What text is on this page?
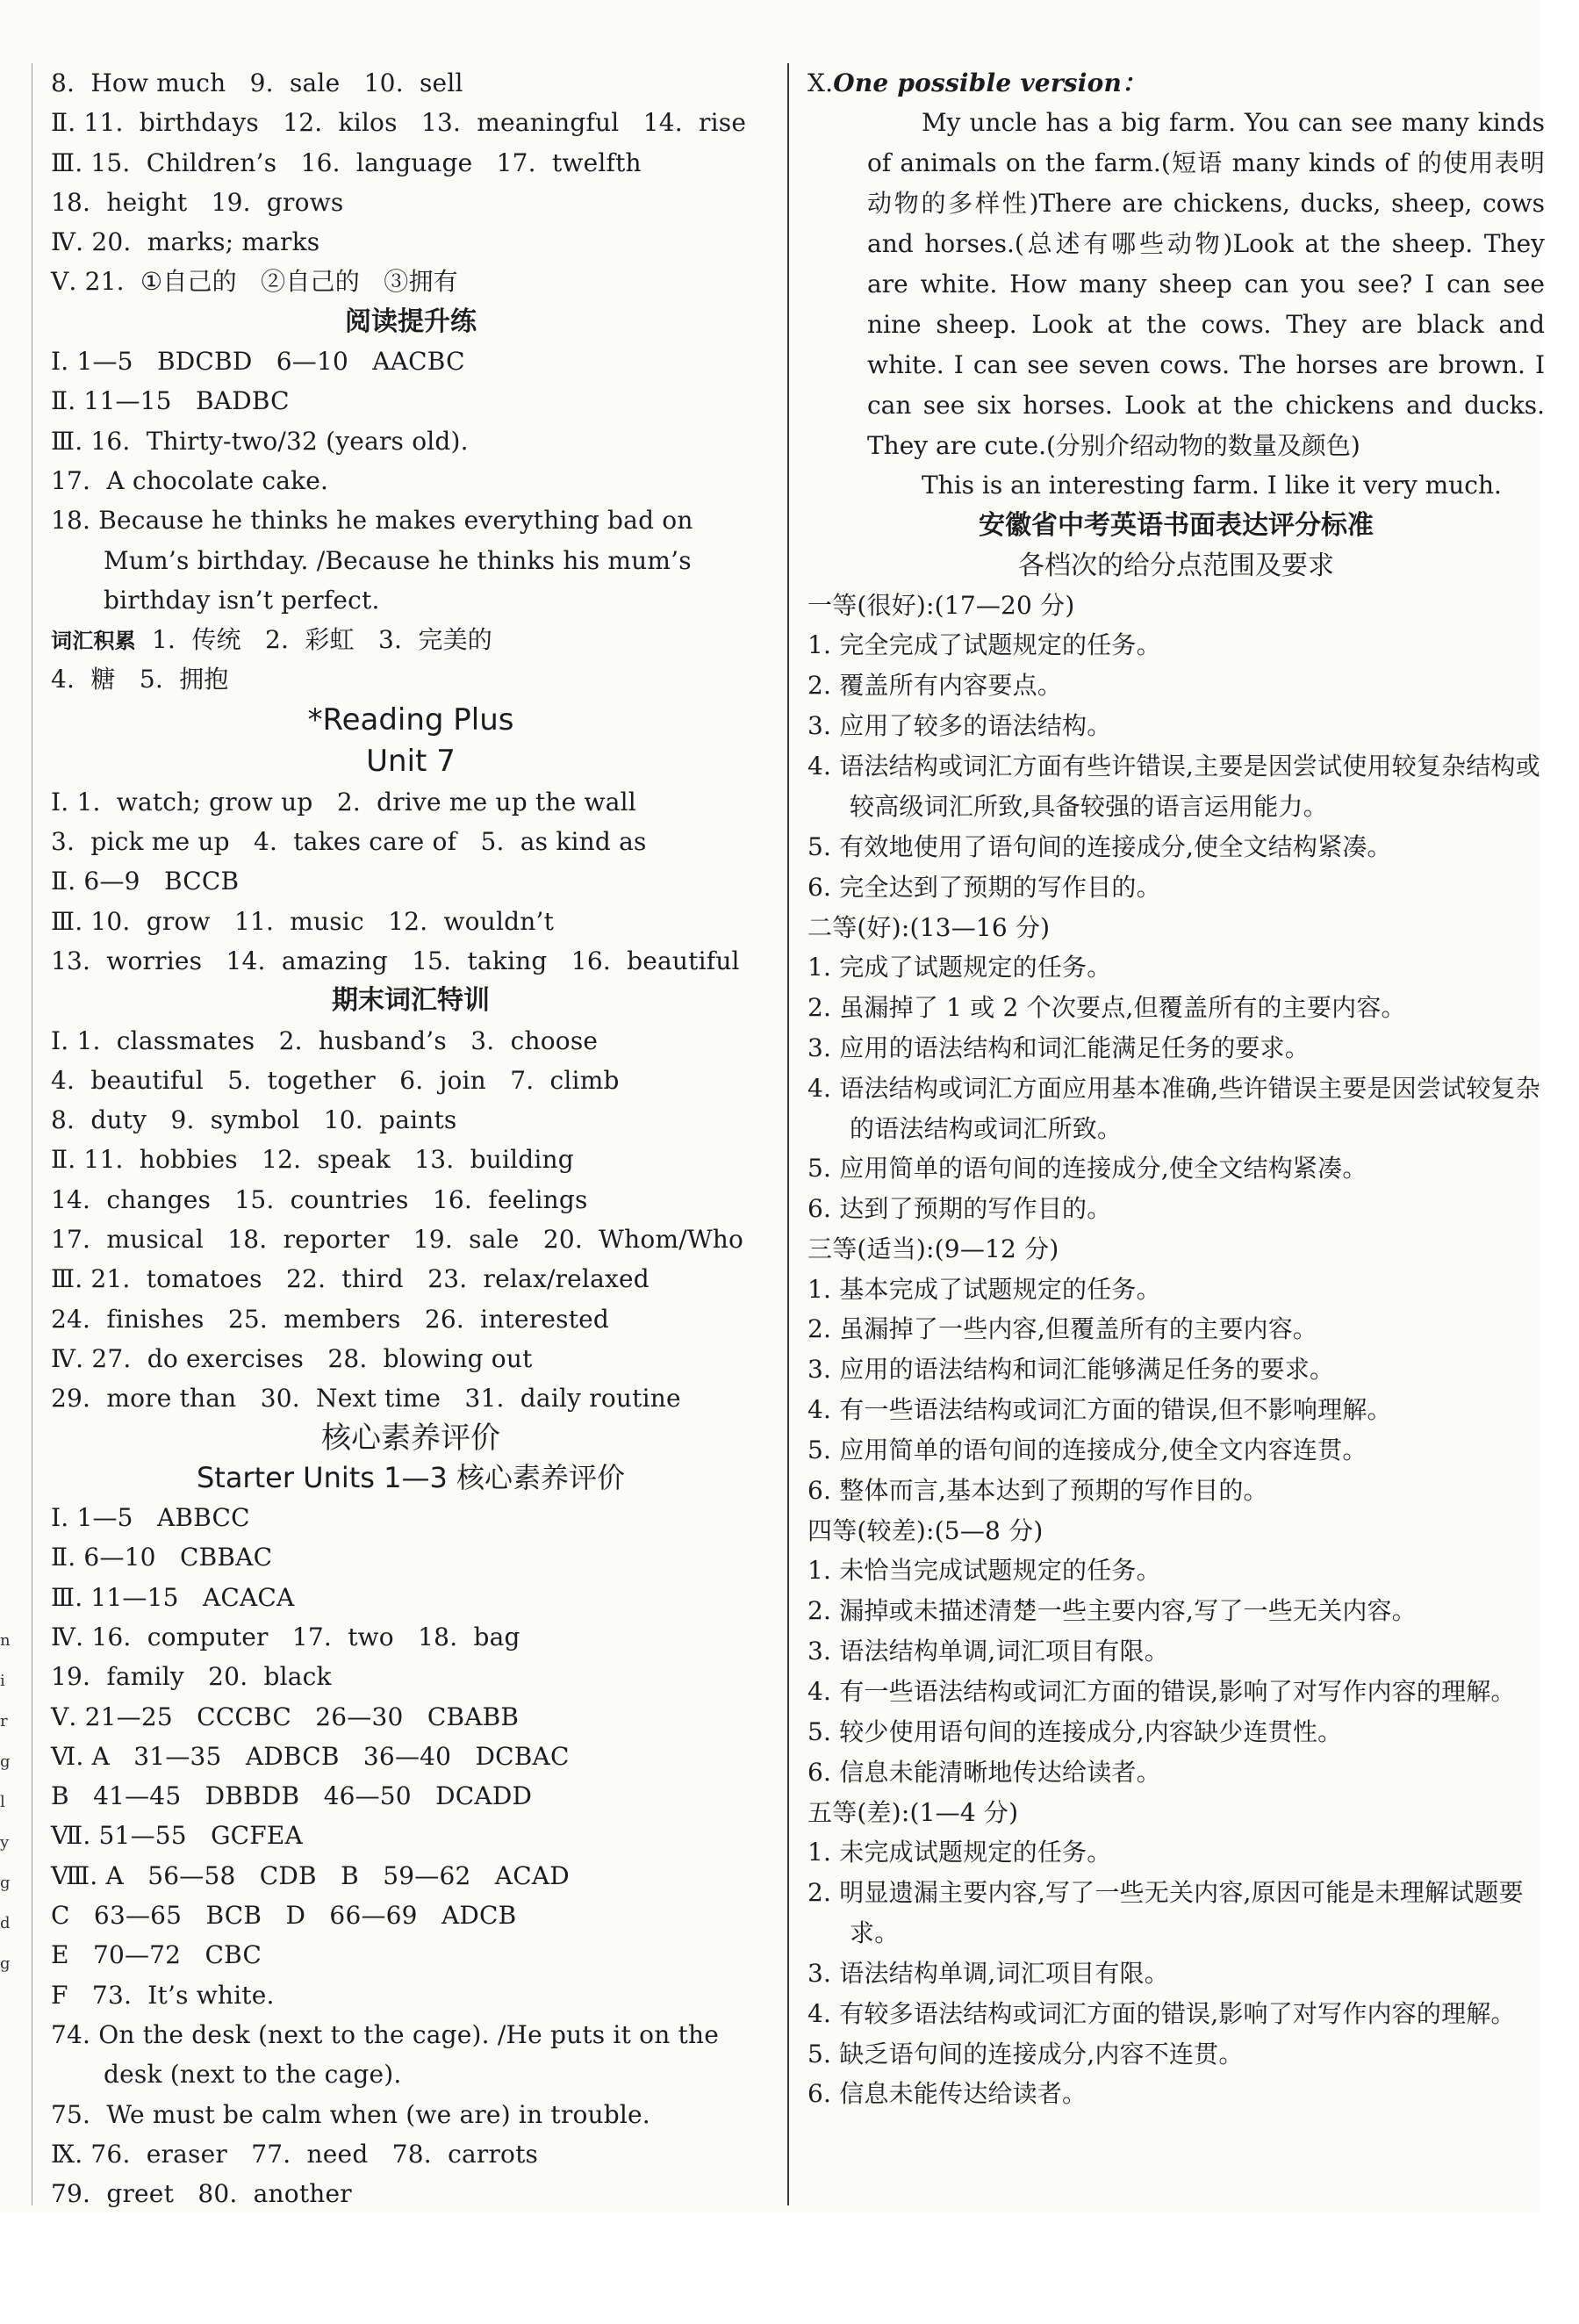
8.  How much   9.  sale   10.  sell
Ⅱ. 11.  birthdays   12.  kilos   13.  meaningful   14.  rise
Ⅲ. 15.  Children’s   16.  language   17.  twelfth
18.  height   19.  grows
Ⅳ. 20.  marks; marks
Ⅴ. 21.  ①自己的   ②自己的   ③拥有
阅读提升练
Ⅰ. 1—5   BDCBD   6—10   AACBC
Ⅱ. 11—15   BADBC
Ⅲ. 16.  Thirty-two/32 (years old).
17.  A chocolate cake.
18. Because he thinks he makes everything bad on Mum’s birthday. /Because he thinks his mum’s birthday isn’t perfect.
词汇积累  1.  传统   2.  彩虹   3.  完美的
4.  糖   5.  拥抱
*Reading Plus
Unit 7
Ⅰ. 1.  watch; grow up   2.  drive me up the wall
3.  pick me up   4.  takes care of   5.  as kind as
Ⅱ. 6—9   BCCB
Ⅲ. 10.  grow   11.  music   12.  wouldn’t
13.  worries   14.  amazing   15.  taking   16.  beautiful
期末词汇特训
Ⅰ. 1.  classmates   2.  husband’s   3.  choose
4.  beautiful   5.  together   6.  join   7.  climb
8.  duty   9.  symbol   10.  paints
Ⅱ. 11.  hobbies   12.  speak   13.  building
14.  changes   15.  countries   16.  feelings
17.  musical   18.  reporter   19.  sale   20.  Whom/Who
Ⅲ. 21.  tomatoes   22.  third   23.  relax/relaxed
24.  finishes   25.  members   26.  interested
Ⅳ. 27.  do exercises   28.  blowing out
29.  more than   30.  Next time   31.  daily routine
核心素养评价
Starter Units 1—3 核心素养评价
Ⅰ. 1—5   ABBCC
Ⅱ. 6—10   CBBAC
Ⅲ. 11—15   ACACA
Ⅳ. 16.  computer   17.  two   18.  bag
19.  family   20.  black
Ⅴ. 21—25   CCCBC   26—30   CBABB
Ⅵ. A   31—35   ADBCB   36—40   DCBAC
B   41—45   DBBDB   46—50   DCADD
Ⅶ. 51—55   GCFEA
Ⅷ. A   56—58   CDB   B   59—62   ACAD
C   63—65   BCB   D   66—69   ADCB
E   70—72   CBC
F   73.  It’s white.
74. On the desk (next to the cage). /He puts it on the desk (next to the cage).
75.  We must be calm when (we are) in trouble.
Ⅸ. 76.  eraser   77.  need   78.  carrots
79.  greet   80.  another
Ⅹ.One possible version：
My uncle has a big farm. You can see many kinds of animals on the farm.(短语 many kinds of 的使用表明动物的多样性)There are chickens, ducks, sheep, cows and horses.(总述有哪些动物)Look at the sheep. They are white. How many sheep can you see? I can see nine sheep. Look at the cows. They are black and white. I can see seven cows. The horses are brown. I can see six horses. Look at the chickens and ducks. They are cute.(分别介绍动物的数量及颜色)
This is an interesting farm. I like it very much.
安徽省中考英语书面表达评分标准
各档次的给分点范围及要求
一等(很好):(17—20 分)
1. 完全完成了试题规定的任务。
2. 覆盖所有内容要点。
3. 应用了较多的语法结构。
4. 语法结构或词汇方面有些许错误,主要是因尝试使用较复杂结构或较高级词汇所致,具备较强的语言运用能力。
5. 有效地使用了语句间的连接成分,使全文结构紧凑。
6. 完全达到了预期的写作目的。
二等(好):(13—16 分)
1. 完成了试题规定的任务。
2. 虽漏掉了 1 或 2 个次要点,但覆盖所有的主要内容。
3. 应用的语法结构和词汇能满足任务的要求。
4. 语法结构或词汇方面应用基本准确,些许错误主要是因尝试较复杂的语法结构或词汇所致。
5. 应用简单的语句间的连接成分,使全文结构紧凑。
6. 达到了预期的写作目的。
三等(适当):(9—12 分)
1. 基本完成了试题规定的任务。
2. 虽漏掉了一些内容,但覆盖所有的主要内容。
3. 应用的语法结构和词汇能够满足任务的要求。
4. 有一些语法结构或词汇方面的错误,但不影响理解。
5. 应用简单的语句间的连接成分,使全文内容连贯。
6. 整体而言,基本达到了预期的写作目的。
四等(较差):(5—8 分)
1. 未恰当完成试题规定的任务。
2. 漏掉或未描述清楚一些主要内容,写了一些无关内容。
3. 语法结构单调,词汇项目有限。
4. 有一些语法结构或词汇方面的错误,影响了对写作内容的理解。
5. 较少使用语句间的连接成分,内容缺少连贯性。
6. 信息未能清晰地传达给读者。
五等(差):(1—4 分)
1. 未完成试题规定的任务。
2. 明显遗漏主要内容,写了一些无关内容,原因可能是未理解试题要求。
3. 语法结构单调,词汇项目有限。
4. 有较多语法结构或词汇方面的错误,影响了对写作内容的理解。
5. 缺乏语句间的连接成分,内容不连贯。
6. 信息未能传达给读者。
n
i
r
g
l
y
g
d
g
